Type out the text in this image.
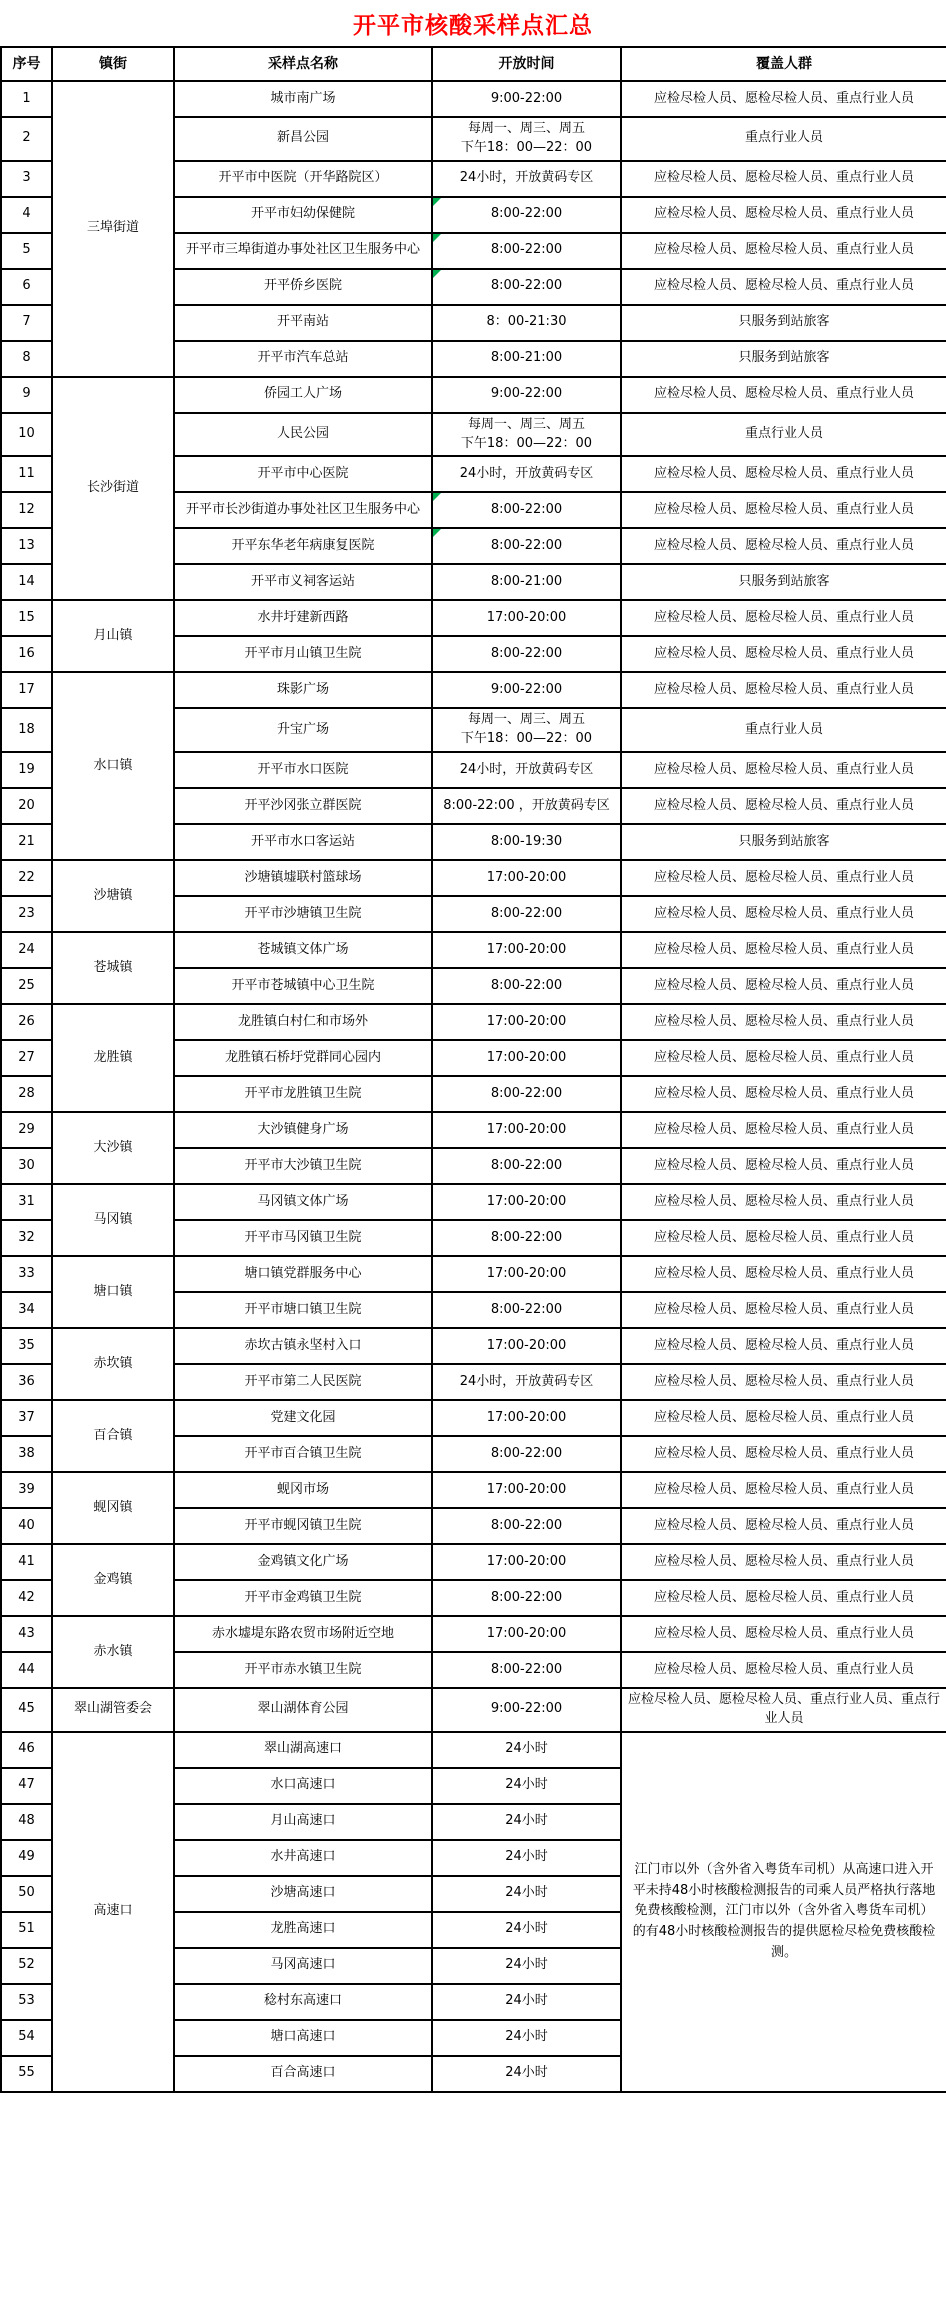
开平市核酸采样点汇总
序号	镇街	采样点名称	开放时间	覆盖人群
1	三埠街道	城市南广场	9:00-22:00	应检尽检人员、愿检尽检人员、重点行业人员
2		新昌公园	每周一、周三、周五
下午18：00—22：00	重点行业人员
3		开平市中医院（开华路院区）	24小时，开放黄码专区	应检尽检人员、愿检尽检人员、重点行业人员
4		开平市妇幼保健院	8:00-22:00	应检尽检人员、愿检尽检人员、重点行业人员
5		开平市三埠街道办事处社区卫生服务中心	8:00-22:00	应检尽检人员、愿检尽检人员、重点行业人员
6		开平侨乡医院	8:00-22:00	应检尽检人员、愿检尽检人员、重点行业人员
7		开平南站	8：00-21:30	只服务到站旅客
8		开平市汽车总站	8:00-21:00	只服务到站旅客
9	长沙街道	侨园工人广场	9:00-22:00	应检尽检人员、愿检尽检人员、重点行业人员
10		人民公园	每周一、周三、周五
下午18：00—22：00	重点行业人员
11		开平市中心医院	24小时，开放黄码专区	应检尽检人员、愿检尽检人员、重点行业人员
12		开平市长沙街道办事处社区卫生服务中心	8:00-22:00	应检尽检人员、愿检尽检人员、重点行业人员
13		开平东华老年病康复医院	8:00-22:00	应检尽检人员、愿检尽检人员、重点行业人员
14		开平市义祠客运站	8:00-21:00	只服务到站旅客
15	月山镇	水井圩建新西路	17:00-20:00	应检尽检人员、愿检尽检人员、重点行业人员
16		开平市月山镇卫生院	8:00-22:00	应检尽检人员、愿检尽检人员、重点行业人员
17	水口镇	珠影广场	9:00-22:00	应检尽检人员、愿检尽检人员、重点行业人员
18		升宝广场	每周一、周三、周五
下午18：00—22：00	重点行业人员
19		开平市水口医院	24小时，开放黄码专区	应检尽检人员、愿检尽检人员、重点行业人员
20		开平沙冈张立群医院	8:00-22:00 ，开放黄码专区	应检尽检人员、愿检尽检人员、重点行业人员
21		开平市水口客运站	8:00-19:30	只服务到站旅客
22	沙塘镇	沙塘镇墟联村篮球场	17:00-20:00	应检尽检人员、愿检尽检人员、重点行业人员
23		开平市沙塘镇卫生院	8:00-22:00	应检尽检人员、愿检尽检人员、重点行业人员
24	苍城镇	苍城镇文体广场	17:00-20:00	应检尽检人员、愿检尽检人员、重点行业人员
25		开平市苍城镇中心卫生院	8:00-22:00	应检尽检人员、愿检尽检人员、重点行业人员
26	龙胜镇	龙胜镇白村仁和市场外	17:00-20:00	应检尽检人员、愿检尽检人员、重点行业人员
27		龙胜镇石桥圩党群同心园内	17:00-20:00	应检尽检人员、愿检尽检人员、重点行业人员
28		开平市龙胜镇卫生院	8:00-22:00	应检尽检人员、愿检尽检人员、重点行业人员
29	大沙镇	大沙镇健身广场	17:00-20:00	应检尽检人员、愿检尽检人员、重点行业人员
30		开平市大沙镇卫生院	8:00-22:00	应检尽检人员、愿检尽检人员、重点行业人员
31	马冈镇	马冈镇文体广场	17:00-20:00	应检尽检人员、愿检尽检人员、重点行业人员
32		开平市马冈镇卫生院	8:00-22:00	应检尽检人员、愿检尽检人员、重点行业人员
33	塘口镇	塘口镇党群服务中心	17:00-20:00	应检尽检人员、愿检尽检人员、重点行业人员
34		开平市塘口镇卫生院	8:00-22:00	应检尽检人员、愿检尽检人员、重点行业人员
35	赤坎镇	赤坎古镇永坚村入口	17:00-20:00	应检尽检人员、愿检尽检人员、重点行业人员
36		开平市第二人民医院	24小时，开放黄码专区	应检尽检人员、愿检尽检人员、重点行业人员
37	百合镇	党建文化园	17:00-20:00	应检尽检人员、愿检尽检人员、重点行业人员
38		开平市百合镇卫生院	8:00-22:00	应检尽检人员、愿检尽检人员、重点行业人员
39	蚬冈镇	蚬冈市场	17:00-20:00	应检尽检人员、愿检尽检人员、重点行业人员
40		开平市蚬冈镇卫生院	8:00-22:00	应检尽检人员、愿检尽检人员、重点行业人员
41	金鸡镇	金鸡镇文化广场	17:00-20:00	应检尽检人员、愿检尽检人员、重点行业人员
42		开平市金鸡镇卫生院	8:00-22:00	应检尽检人员、愿检尽检人员、重点行业人员
43	赤水镇	赤水墟堤东路农贸市场附近空地	17:00-20:00	应检尽检人员、愿检尽检人员、重点行业人员
44		开平市赤水镇卫生院	8:00-22:00	应检尽检人员、愿检尽检人员、重点行业人员
45	翠山湖管委会	翠山湖体育公园	9:00-22:00	应检尽检人员、愿检尽检人员、重点行业人员、重点行业人员
46	高速口	翠山湖高速口	24小时	江门市以外（含外省入粤货车司机）从高速口进入开平未持48小时核酸检测报告的司乘人员严格执行落地免费核酸检测，江门市以外（含外省入粤货车司机）的有48小时核酸检测报告的提供愿检尽检免费核酸检测。
47		水口高速口	24小时	
48		月山高速口	24小时	
49		水井高速口	24小时	
50		沙塘高速口	24小时	
51		龙胜高速口	24小时	
52		马冈高速口	24小时	
53		稔村东高速口	24小时	
54		塘口高速口	24小时	
55		百合高速口	24小时	
